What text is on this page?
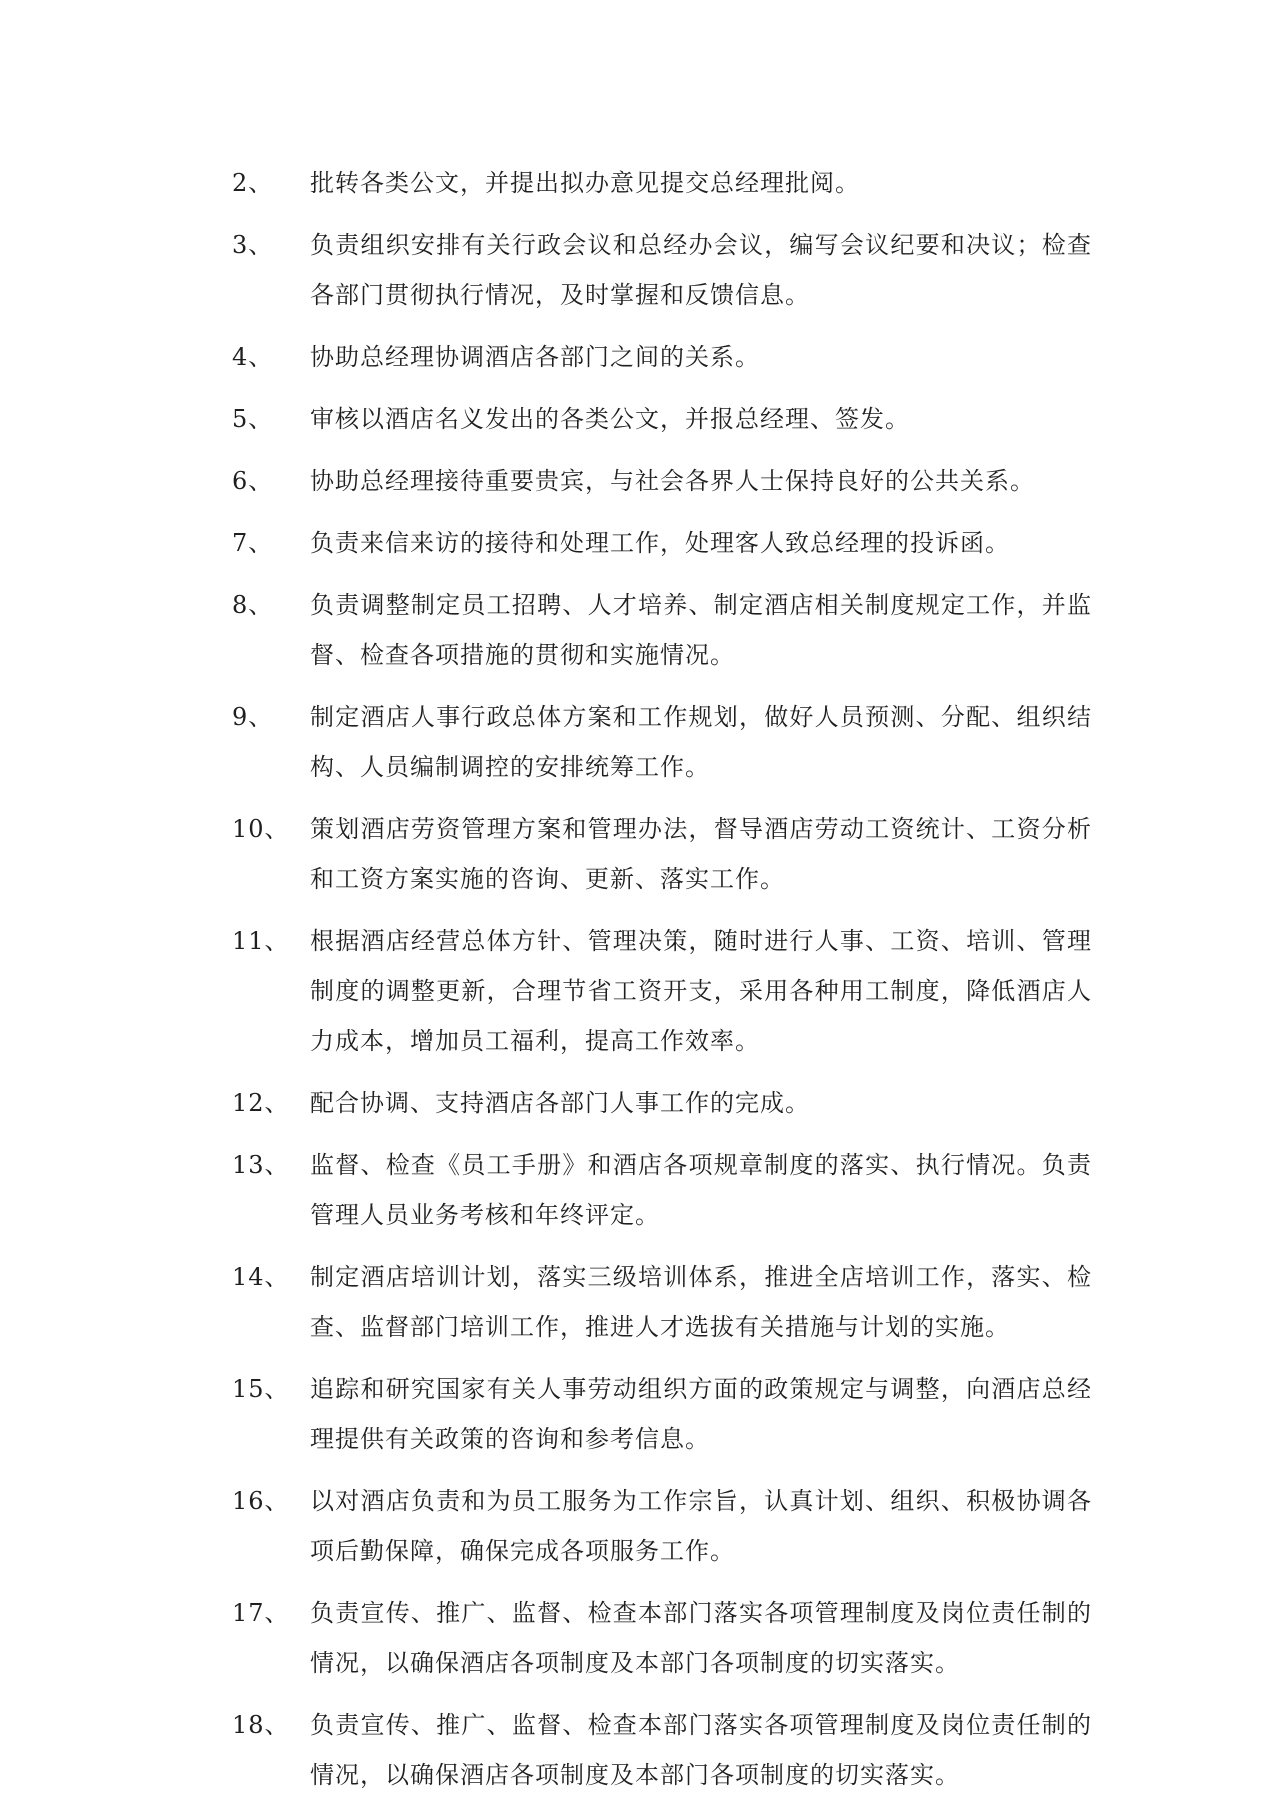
2、	批转各类公文，并提出拟办意见提交总经理批阅。
3、	负责组织安排有关行政会议和总经办会议，编写会议纪要和决议；检查各部门贯彻执行情况，及时掌握和反馈信息。
4、	协助总经理协调酒店各部门之间的关系。
5、	审核以酒店名义发出的各类公文，并报总经理、签发。
6、	协助总经理接待重要贵宾，与社会各界人士保持良好的公共关系。
7、	负责来信来访的接待和处理工作，处理客人致总经理的投诉函。
8、	负责调整制定员工招聘、人才培养、制定酒店相关制度规定工作，并监督、检查各项措施的贯彻和实施情况。
9、	制定酒店人事行政总体方案和工作规划，做好人员预测、分配、组织结构、人员编制调控的安排统筹工作。
10、 策划酒店劳资管理方案和管理办法，督导酒店劳动工资统计、工资分析和工资方案实施的咨询、更新、落实工作。
11、 根据酒店经营总体方针、管理决策，随时进行人事、工资、培训、管理制度的调整更新，合理节省工资开支，采用各种用工制度，降低酒店人力成本，增加员工福利，提高工作效率。
12、 配合协调、支持酒店各部门人事工作的完成。
13、 监督、检查《员工手册》和酒店各项规章制度的落实、执行情况。负责管理人员业务考核和年终评定。
14、 制定酒店培训计划，落实三级培训体系，推进全店培训工作，落实、检查、监督部门培训工作，推进人才选拔有关措施与计划的实施。
15、 追踪和研究国家有关人事劳动组织方面的政策规定与调整，向酒店总经理提供有关政策的咨询和参考信息。
16、 以对酒店负责和为员工服务为工作宗旨，认真计划、组织、积极协调各项后勤保障，确保完成各项服务工作。
17、 负责宣传、推广、监督、检查本部门落实各项管理制度及岗位责任制的情况，以确保酒店各项制度及本部门各项制度的切实落实。
18、 负责宣传、推广、监督、检查本部门落实各项管理制度及岗位责任制的情况，以确保酒店各项制度及本部门各项制度的切实落实。
